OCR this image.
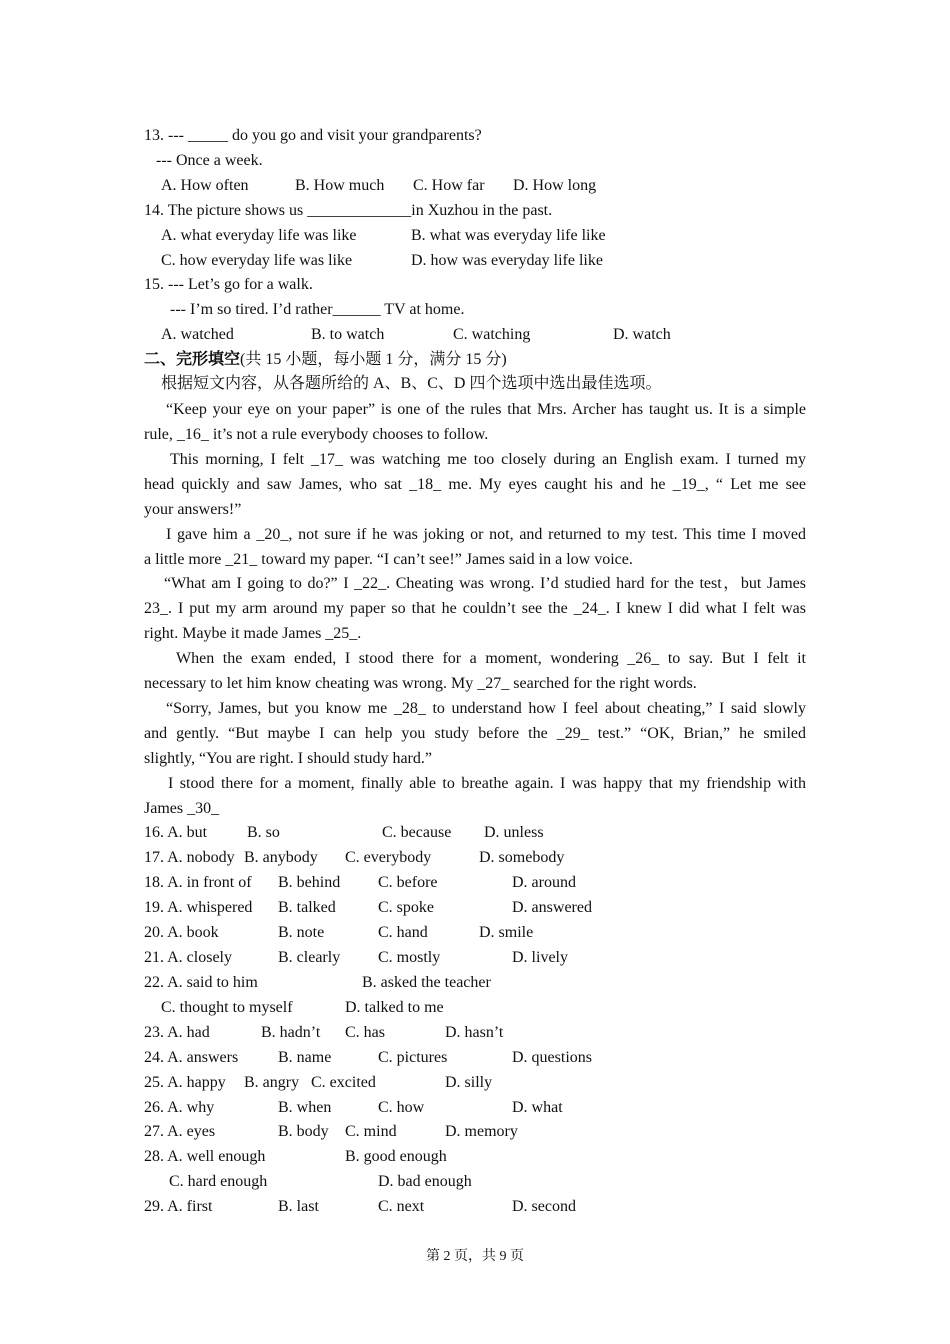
13. --- _____ do you go and visit your grandparents?
--- Once a week.
A. How often	B. How much C. How far D. How long
14. The picture shows us _____________in Xuzhou in the past.
A. what everyday life was like	B. what was everyday life like
C. how everyday life was like	D. how was everyday life like
15. --- Let’s go for a walk.
--- I’m so tired. I’d rather______ TV at home.
A. watched	B. to watch	C. watching	D. watch
二、完形填空(共 15 小题，每小题 1 分，满分 15 分)
根据短文内容，从各题所给的 A、B、C、D 四个选项中选出最佳选项。
“Keep your eye on your paper” is one of the rules that Mrs. Archer has taught us. It is a simple
rule, _16_ it’s not a rule everybody chooses to follow.
This morning, I felt _17_ was watching me too closely during an English exam. I turned my
head quickly and saw James, who sat _18_ me. My eyes caught his and he _19_, “ Let me see
your answers!”
I gave him a _20_, not sure if he was joking or not, and returned to my test. This time I moved
a little more _21_ toward my paper. “I can’t see!” James said in a low voice.
“What am I going to do?” I _22_. Cheating was wrong. I’d studied hard for the test，but James
23_. I put my arm around my paper so that he couldn’t see the _24_. I knew I did what I felt was
right. Maybe it made James _25_.
When the exam ended, I stood there for a moment, wondering _26_ to say. But I felt it
necessary to let him know cheating was wrong. My _27_ searched for the right words.
“Sorry, James, but you know me _28_ to understand how I feel about cheating,” I said slowly
and gently. “But maybe I can help you study before the _29_ test.” “OK, Brian,” he smiled
slightly, “You are right. I should study hard.”
I stood there for a moment, finally able to breathe again. I was happy that my friendship with
James _30_
16. A. but B. so	C. because D. unless
17. A. nobody B. anybody C. everybody	D. somebody
18. A. in front of B. behind C. before	D. around
19. A. whispered B. talked	C. spoke	D. answered
20. A. book	B. note	C. hand	D. smile
21. A. closely	B. clearly C. mostly	D. lively
22. A. said to him	B. asked the teacher
C. thought to myself	D. talked to me
23. A. had	B. hadn’t C. has	D. hasn’t
24. A. answers B. name	C. pictures	D. questions
25. A. happy B. angry C. excited	D. silly
26. A. why	B. when	C. how	D. what
27. A. eyes	B. body C. mind	D. memory
28. A. well enough	B. good enough
C. hard enough	D. bad enough
29. A. first	B. last	C. next	D. second
第 2 页，共 9 页
